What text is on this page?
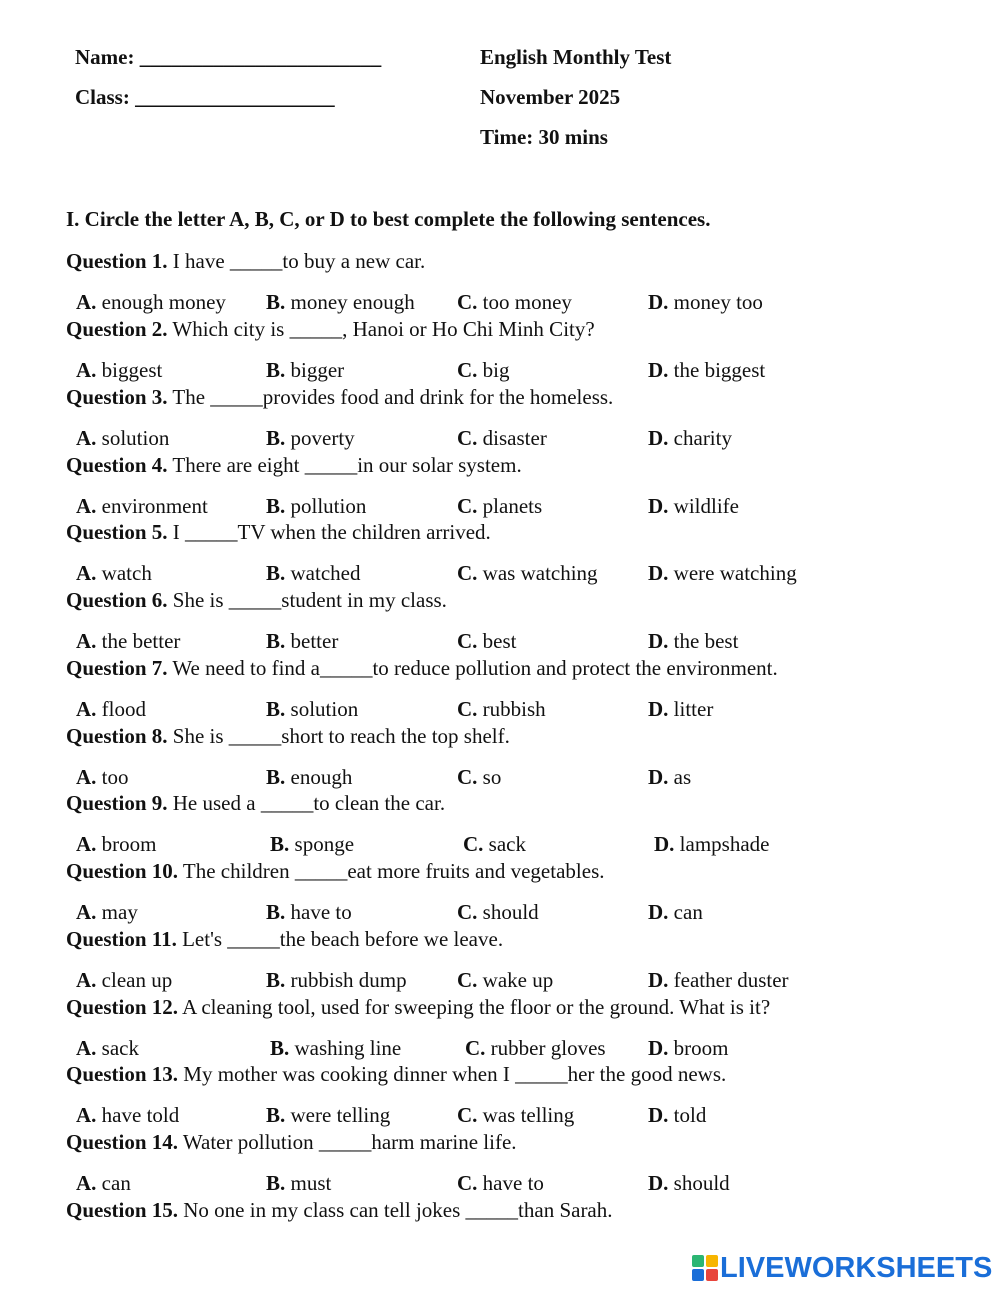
Name: _______________________
Class: ___________________
English Monthly Test
November 2025
Time: 30 mins
I. Circle the letter A, B, C, or D to best complete the following sentences.
Question 1. I have _____to buy a new car.
A. enough money B. money enough C. too money	D. money too
Question 2. Which city is _____, Hanoi or Ho Chi Minh City?
A. biggest	B. bigger	C. big	D. the biggest
Question 3. The _____provides food and drink for the homeless.
A. solution	B. poverty	C. disaster	D. charity
Question 4. There are eight _____in our solar system.
A. environment	B. pollution	C. planets	D. wildlife
Question 5. I _____TV when the children arrived.
A. watch	B. watched	C. was watching D. were watching
Question 6. She is _____student in my class.
A. the better	B. better	C. best	D. the best
Question 7. We need to find a_____to reduce pollution and protect the environment.
A. flood	B. solution	C. rubbish	D. litter
Question 8. She is _____short to reach the top shelf.
A. too	B. enough	C. so	D. as
Question 9. He used a _____to clean the car.
A. broom	B. sponge	C. sack	D. lampshade
Question 10. The children _____eat more fruits and vegetables.
A. may	B. have to	C. should	D. can
Question 11. Let's _____the beach before we leave.
A. clean up	B. rubbish dump C. wake up	D. feather duster
Question 12. A cleaning tool, used for sweeping the floor or the ground. What is it?
A. sack	B. washing line	C. rubber gloves D. broom
Question 13. My mother was cooking dinner when I _____her the good news.
A. have told	B. were telling	C. was telling	D. told
Question 14. Water pollution _____harm marine life.
A. can	B. must	C. have to	D. should
Question 15. No one in my class can tell jokes _____than Sarah.
LIVEWORKSHEETS
